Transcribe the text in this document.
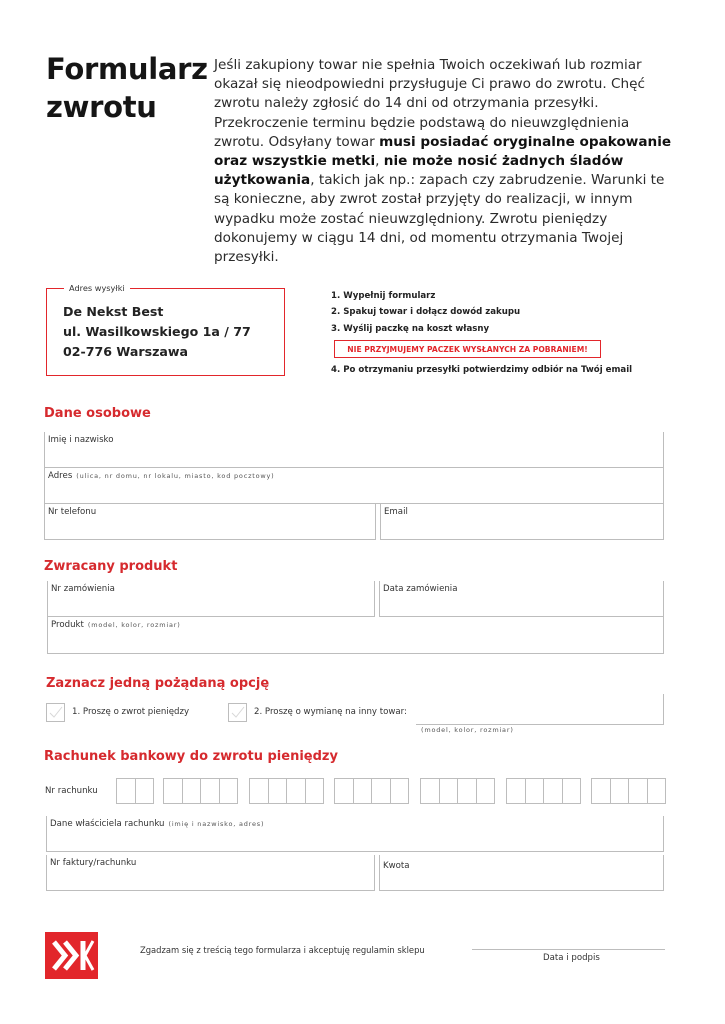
Formularz
zwrotu
Jeśli zakupiony towar nie spełnia Twoich oczekiwań lub rozmiar okazał się nieodpowiedni przysługuje Ci prawo do zwrotu. Chęć zwrotu należy zgłosić do 14 dni od otrzymania przesyłki. Przekroczenie terminu będzie podstawą do nieuwzględnienia zwrotu. Odsyłany towar musi posiadać oryginalne opakowanie oraz wszystkie metki, nie może nosić żadnych śladów użytkowania, takich jak np.: zapach czy zabrudzenie. Warunki te są konieczne, aby zwrot został przyjęty do realizacji, w innym wypadku może zostać nieuwzględniony. Zwrotu pieniędzy dokonujemy w ciągu 14 dni, od momentu otrzymania Twojej przesyłki.
Adres wysyłki
De Nekst Best
ul. Wasilkowskiego 1a / 77
02-776 Warszawa
1. Wypełnij formularz
2. Spakuj towar i dołącz dowód zakupu
3. Wyślij paczkę na koszt własny
NIE PRZYJMUJEMY PACZEK WYSŁANYCH ZA POBRANIEM!
4. Po otrzymaniu przesyłki potwierdzimy odbiór na Twój email
Dane osobowe
Imię i nazwisko
Adres (ulica, nr domu, nr lokalu, miasto, kod pocztowy)
Nr telefonu	Email
Zwracany produkt
Nr zamówienia	Data zamówienia
Produkt (model, kolor, rozmiar)
Zaznacz jedną pożądaną opcję
1. Proszę o zwrot pieniędzy	2. Proszę o wymianę na inny towar:
(model, kolor, rozmiar)
Rachunek bankowy do zwrotu pieniędzy
Nr rachunku
Dane właściciela rachunku (imię i nazwisko, adres)
Nr faktury/rachunku	Kwota
Zgadzam się z treścią tego formularza i akceptuję regulamin sklepu
Data i podpis
